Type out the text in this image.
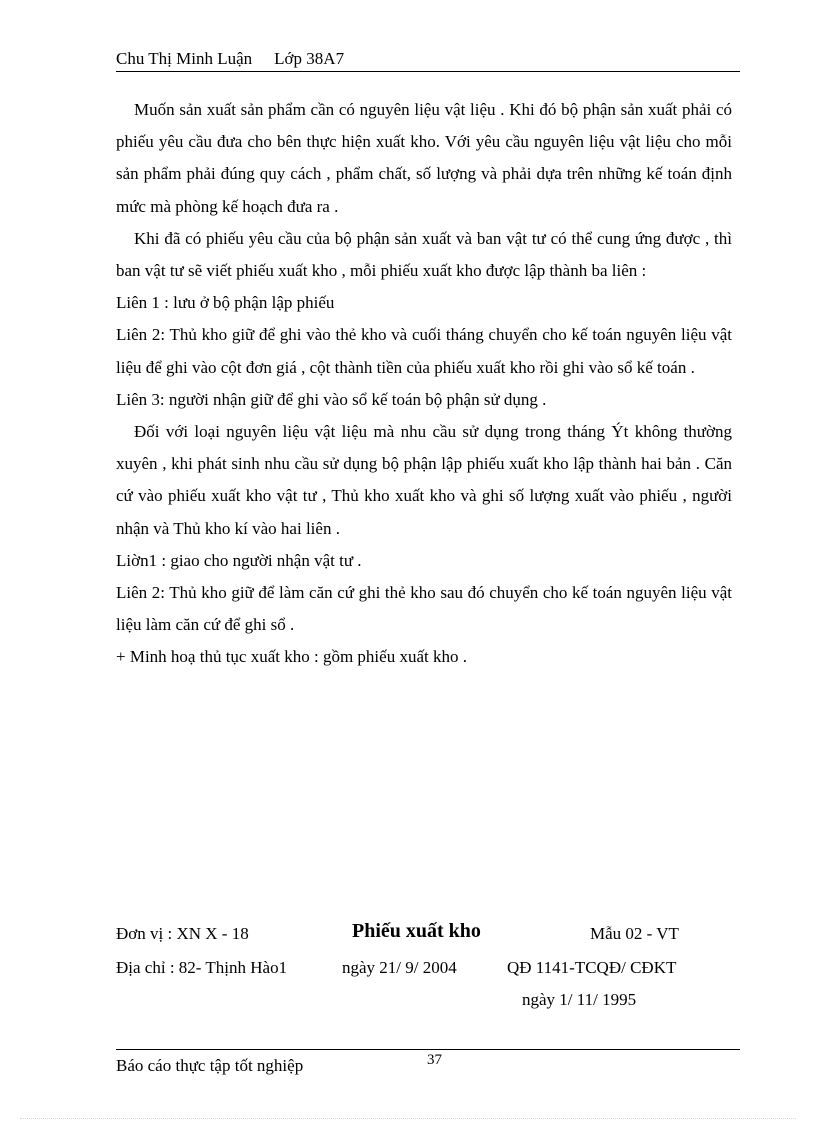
Chu Thị Minh Luận Lớp 38A7

Muốn sản xuất sản phẩm cần có nguyên liệu vật liệu . Khi đó bộ phận sản xuất phải có phiếu yêu cầu đưa cho bên thực hiện xuất kho. Với yêu cầu nguyên liệu vật liệu cho mỗi sản phẩm phải đúng quy cách , phẩm chất, số lượng và phải dựa trên những kế toán định mức mà phòng kế hoạch đưa ra .

Khi đã có phiếu yêu cầu của bộ phận sản xuất và ban vật tư có thể cung ứng được , thì ban vật tư sẽ viết phiếu xuất kho , mỗi phiếu xuất kho được lập thành ba liên :

Liên 1 : lưu ở bộ phận lập phiếu

Liên 2: Thủ kho giữ để ghi vào thẻ kho và cuối tháng chuyển cho kế toán nguyên liệu vật liệu để ghi vào cột đơn giá , cột thành tiền của phiếu xuất kho rồi ghi vào sổ kế toán .

Liên 3: người nhận giữ để ghi vào sổ kế toán bộ phận sử dụng .

Đối với loại nguyên liệu vật liệu mà nhu cầu sử dụng trong tháng Ýt không thường xuyên , khi phát sinh nhu cầu sử dụng bộ phận lập phiếu xuất kho lập thành hai bản . Căn cứ vào phiếu xuất kho vật tư , Thủ kho xuất kho và ghi số lượng xuất vào phiếu , người nhận và Thủ kho kí vào hai liên .

Liờn1 : giao cho người nhận vật tư .

Liên 2: Thủ kho giữ để làm căn cứ ghi thẻ kho sau đó chuyển cho kế toán nguyên liệu vật liệu làm căn cứ để ghi sổ .

+ Minh hoạ thủ tục xuất kho : gồm phiếu xuất kho .

Đơn vị : XN X - 18	Phiếu xuất kho	Mẫu 02 - VT
Địa chỉ : 82- Thịnh Hào1	ngày 21/ 9/ 2004	QĐ 1141-TCQĐ/ CĐKT
ngày 1/ 11/ 1995
Báo cáo thực tập tốt nghiệp	37
